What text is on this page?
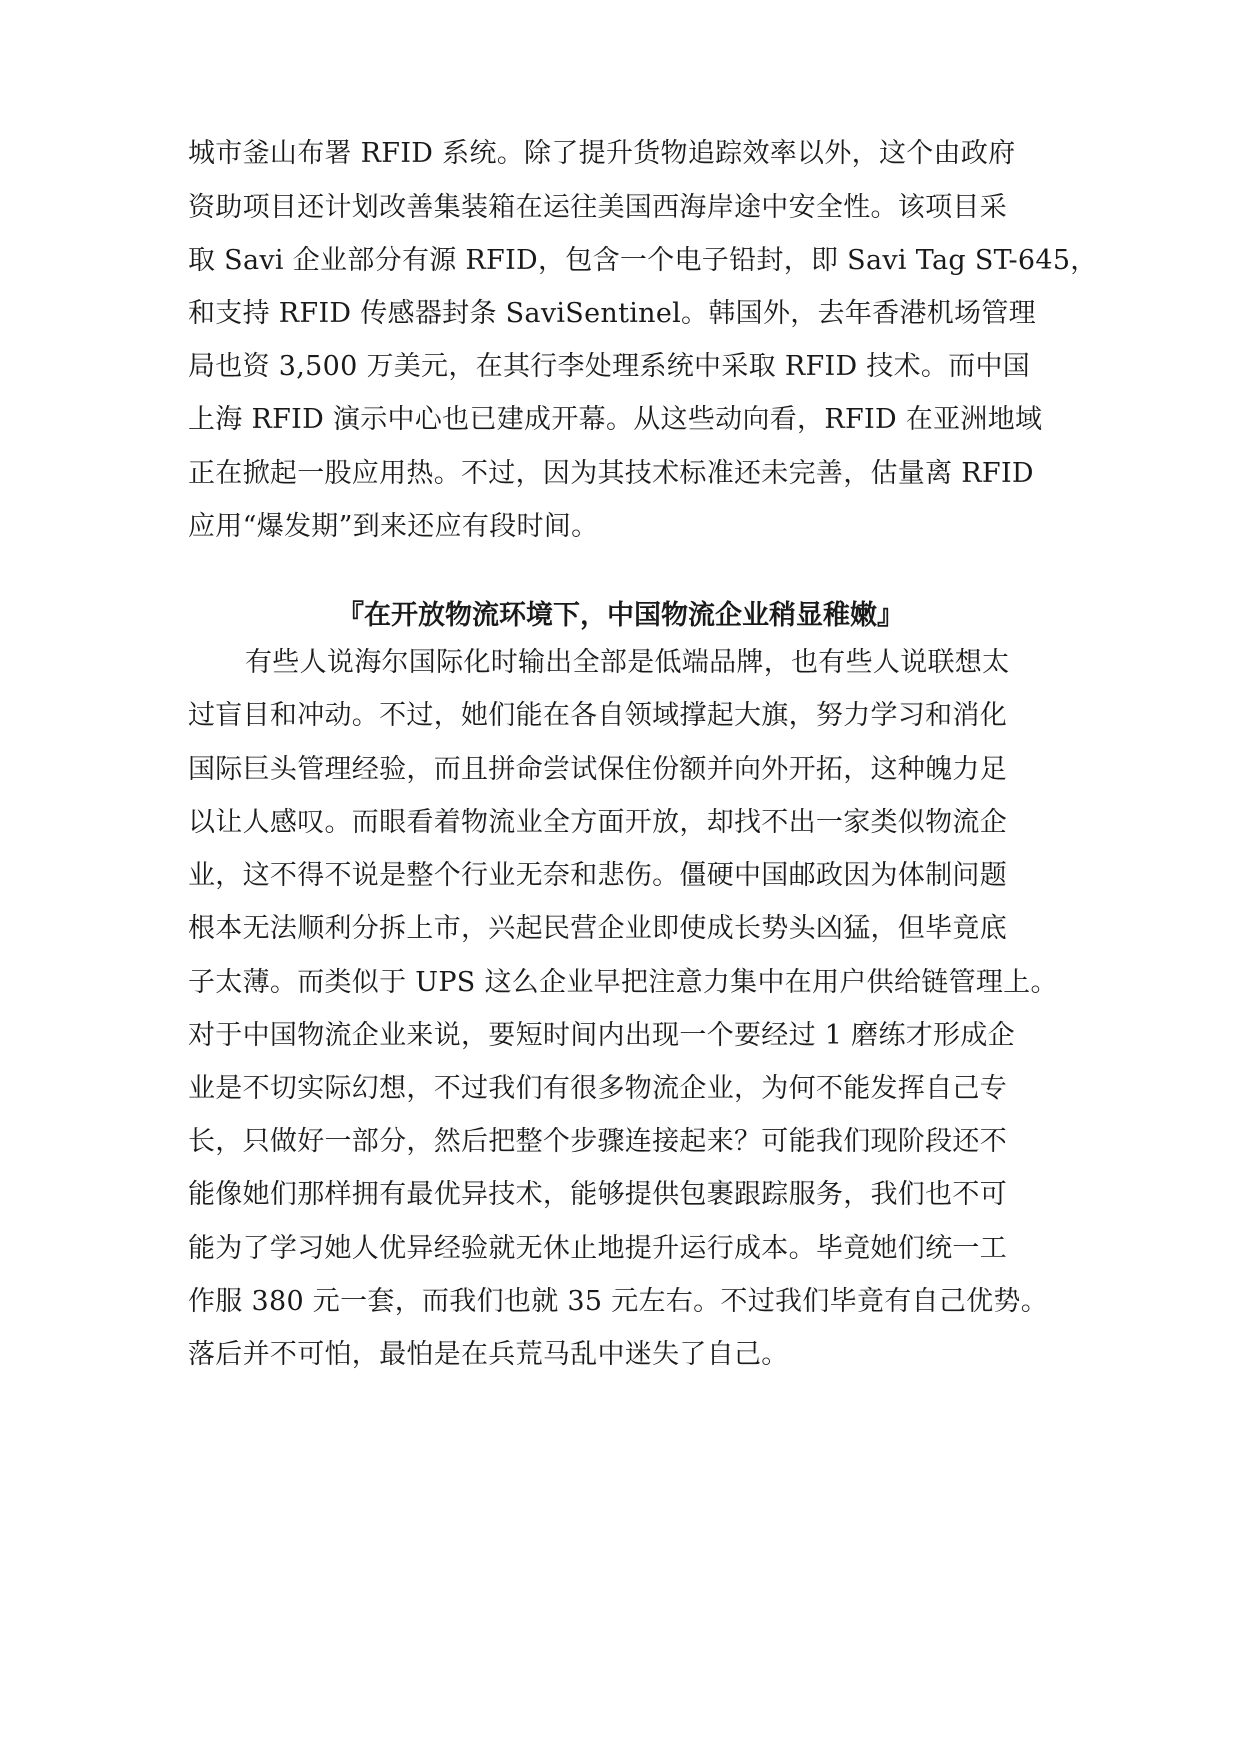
城市釜山布署 RFID 系统。除了提升货物追踪效率以外，这个由政府
资助项目还计划改善集装箱在运往美国西海岸途中安全性。该项目采
取 Savi 企业部分有源 RFID，包含一个电子铅封，即 Savi Tag ST-645，
和支持 RFID 传感器封条 SaviSentinel。韩国外，去年香港机场管理
局也资 3,500 万美元，在其行李处理系统中采取 RFID 技术。而中国
上海 RFID 演示中心也已建成开幕。从这些动向看，RFID 在亚洲地域
正在掀起一股应用热。不过，因为其技术标准还未完善，估量离 RFID
应用“爆发期”到来还应有段时间。
『在开放物流环境下，中国物流企业稍显稚嫩』
有些人说海尔国际化时输出全部是低端品牌，也有些人说联想太
过盲目和冲动。不过，她们能在各自领域撑起大旗，努力学习和消化
国际巨头管理经验，而且拼命尝试保住份额并向外开拓，这种魄力足
以让人感叹。而眼看着物流业全方面开放，却找不出一家类似物流企
业，这不得不说是整个行业无奈和悲伤。僵硬中国邮政因为体制问题
根本无法顺利分拆上市，兴起民营企业即使成长势头凶猛，但毕竟底
子太薄。而类似于 UPS 这么企业早把注意力集中在用户供给链管理上。
对于中国物流企业来说，要短时间内出现一个要经过 1 磨练才形成企
业是不切实际幻想，不过我们有很多物流企业，为何不能发挥自己专
长，只做好一部分，然后把整个步骤连接起来？可能我们现阶段还不
能像她们那样拥有最优异技术，能够提供包裹跟踪服务，我们也不可
能为了学习她人优异经验就无休止地提升运行成本。毕竟她们统一工
作服 380 元一套，而我们也就 35 元左右。不过我们毕竟有自己优势。
落后并不可怕，最怕是在兵荒马乱中迷失了自己。
